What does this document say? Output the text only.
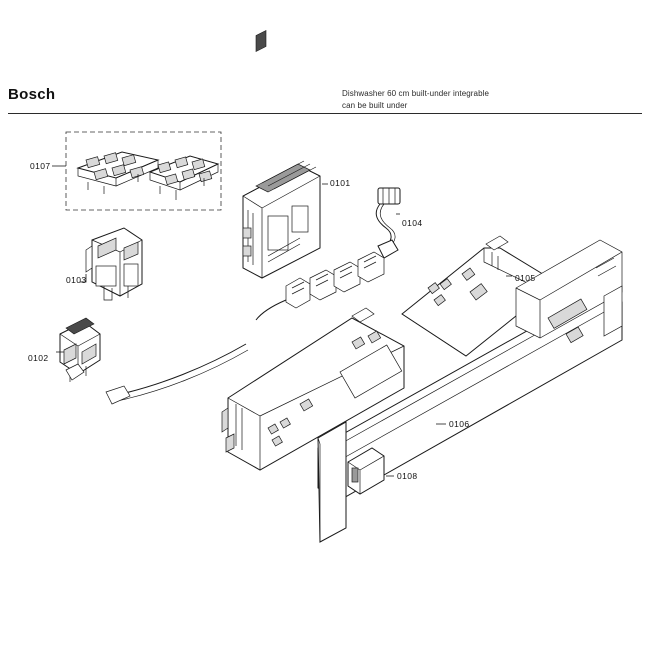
Bosch	Dishwasher 60 cm built-under integrable
can be built under
0107
0101
0104
0103	0105
0102
0106
0108
